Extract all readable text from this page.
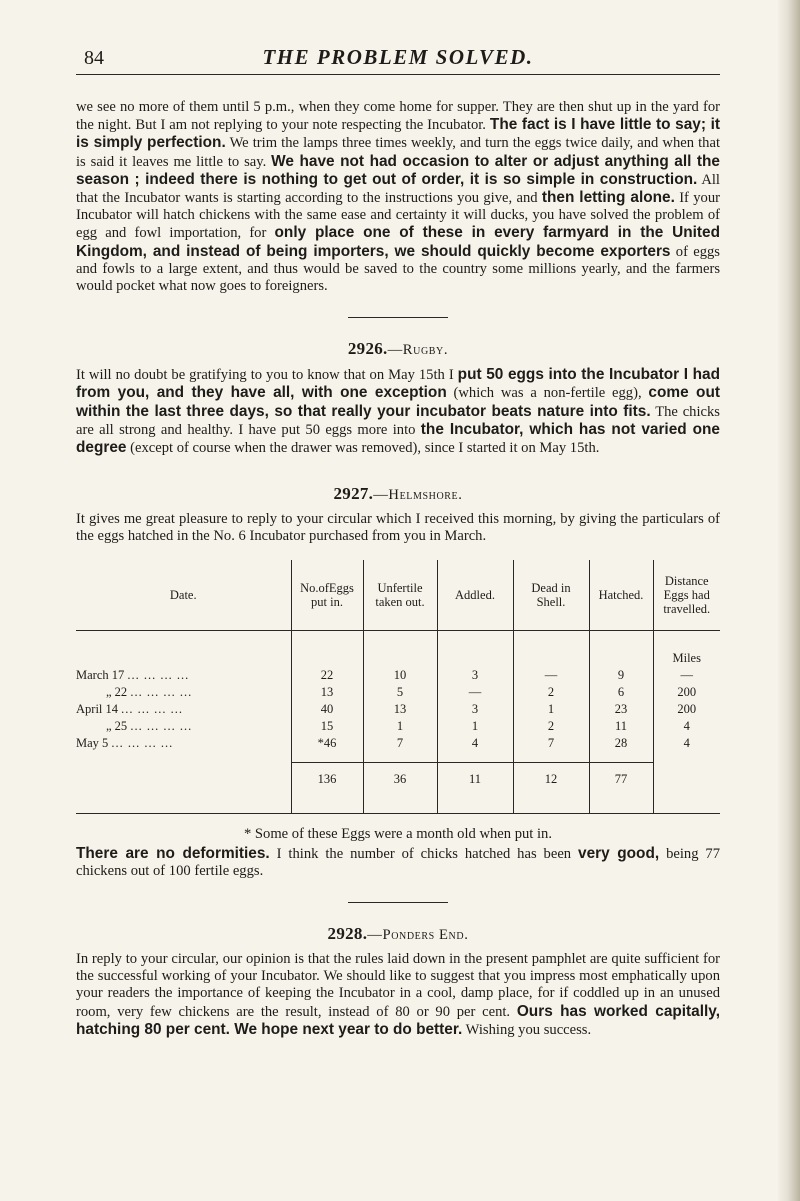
84	THE PROBLEM SOLVED.

we see no more of them until 5 p.m., when they come home for supper. They are then shut up in the yard for the night. But I am not replying to your note respecting the Incubator. The fact is I have little to say; it is simply perfection. We trim the lamps three times weekly, and turn the eggs twice daily, and when that is said it leaves me little to say. We have not had occasion to alter or adjust anything all the season ; indeed there is nothing to get out of order, it is so simple in construction. All that the Incubator wants is starting according to the instructions you give, and then letting alone. If your Incubator will hatch chickens with the same ease and certainty it will ducks, you have solved the problem of egg and fowl importation, for only place one of these in every farmyard in the United Kingdom, and instead of being importers, we should quickly become exporters of eggs and fowls to a large extent, and thus would be saved to the country some millions yearly, and the farmers would pocket what now goes to foreigners.

2926.—Rugby.

It will no doubt be gratifying to you to know that on May 15th I put 50 eggs into the Incubator I had from you, and they have all, with one exception (which was a non-fertile egg), come out within the last three days, so that really your incubator beats nature into fits. The chicks are all strong and healthy. I have put 50 eggs more into the Incubator, which has not varied one degree (except of course when the drawer was removed), since I started it on May 15th.

2927.—Helmshore.

It gives me great pleasure to reply to your circular which I received this morning, by giving the particulars of the eggs hatched in the No. 6 Incubator purchased from you in March.

Date.	No.ofEggs put in.	Unfertile taken out.	Addled.	Dead in Shell.	Hatched.	Distance Eggs had travelled.
						Miles
March 17 ... ... ... ...	22	10	3	—	9	—
„ 22 ... ... ... ...	13	5	—	2	6	200
April 14 ... ... ... ...	40	13	3	1	23	200
„ 25 ... ... ... ...	15	1	1	2	11	4
May 5 ... ... ... ...	*46	7	4	7	28	4

	136	36	11	12	77	
* Some of these Eggs were a month old when put in.

There are no deformities. I think the number of chicks hatched has been very good, being 77 chickens out of 100 fertile eggs.

2928.—Ponders End.

In reply to your circular, our opinion is that the rules laid down in the present pamphlet are quite sufficient for the successful working of your Incubator. We should like to suggest that you impress most emphatically upon your readers the importance of keeping the Incubator in a cool, damp place, for if coddled up in an unused room, very few chickens are the result, instead of 80 or 90 per cent. Ours has worked capitally, hatching 80 per cent. We hope next year to do better. Wishing you success.
